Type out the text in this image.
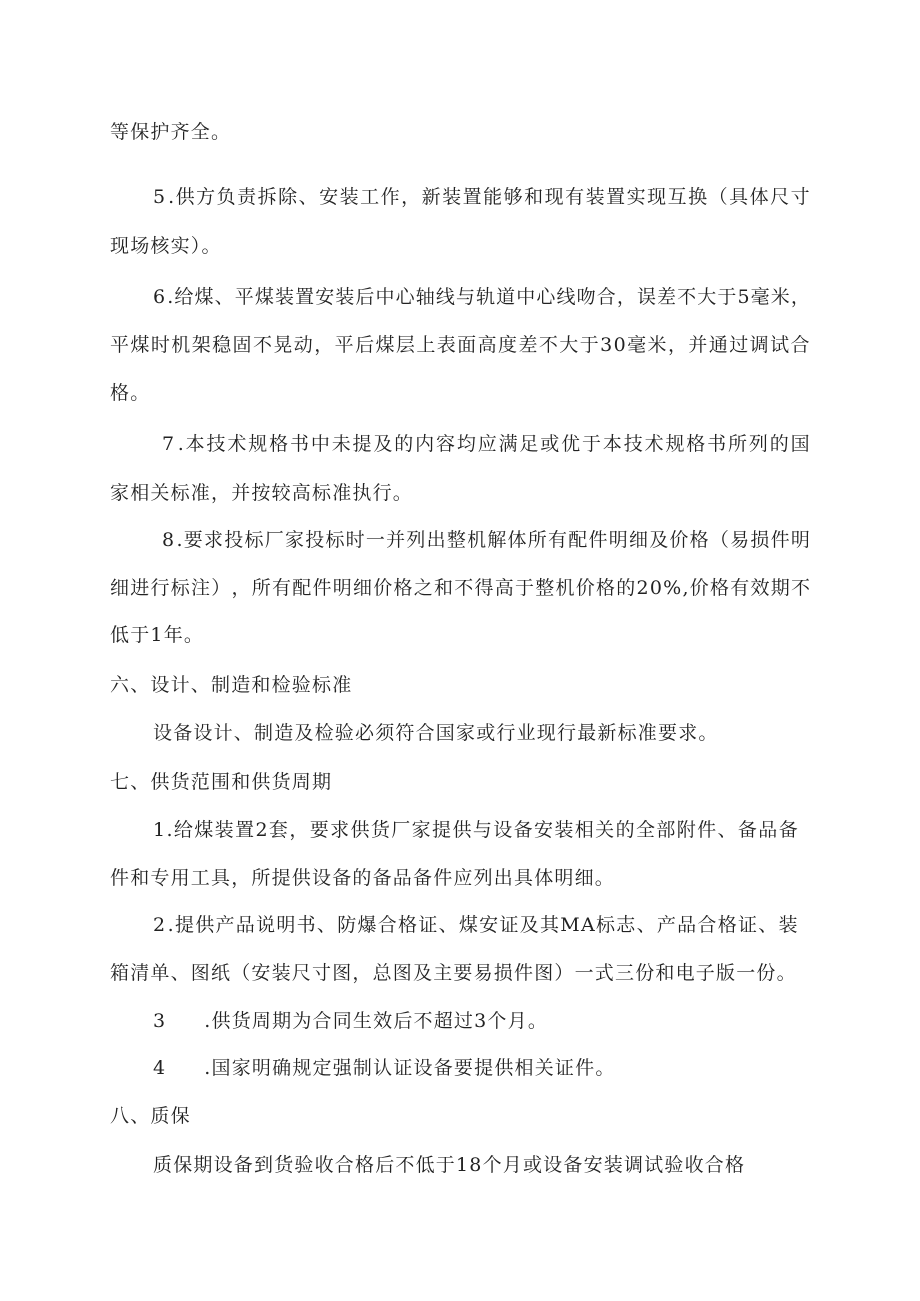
等保护齐全。
5 . 供 方 负 责 拆 除 、 安 装 工 作 ， 新 装 置 能 够 和 现 有 装 置 实 现 互 换 （ 具 体 尺 寸
现场核实）。
6 . 给 煤 、 平 煤 装 置 安 装 后 中 心 轴 线 与 轨 道 中 心 线 吻 合 ， 误 差 不 大 于 5 毫 米 ，
平 煤 时 机 架 稳 固 不 晃 动 ， 平 后 煤 层 上 表 面 高 度 差 不 大 于 3 0 毫 米 ， 并 通 过 调 试 合
格。
7 . 本 技 术 规 格 书 中 未 提 及 的 内 容 均 应 满 足 或 优 于 本 技 术 规 格 书 所 列 的 国
家相关标准，并按较高标准执行。
8 . 要 求 投 标 厂 家 投 标 时 一 并 列 出 整 机 解 体 所 有 配 件 明 细 及 价 格 （ 易 损 件 明
细 进 行 标 注 ） ， 所 有 配 件 明 细 价 格 之 和 不 得 高 于 整 机 价 格 的 2 0 % , 价 格 有 效 期 不
低于1年。
六、设计、制造和检验标准
设备设计、制造及检验必须符合国家或行业现行最新标准要求。
七、供货范围和供货周期
1 . 给 煤 装 置 2 套 ， 要 求 供 货 厂 家 提 供 与 设 备 安 装 相 关 的 全 部 附 件 、 备 品 备
件和专用工具，所提供设备的备品备件应列出具体明细。
2 . 提 供 产 品 说 明 书 、 防 爆 合 格 证 、 煤 安 证 及 其 M A 标 志 、 产 品 合 格 证 、 装
箱清单、图纸（安装尺寸图，总图及主要易损件图）一式三份和电子版一份。
3 .供货周期为合同生效后不超过3个月。
4 .国家明确规定强制认证设备要提供相关证件。
八、质保
质保期设备到货验收合格后不低于18个月或设备安装调试验收合格
